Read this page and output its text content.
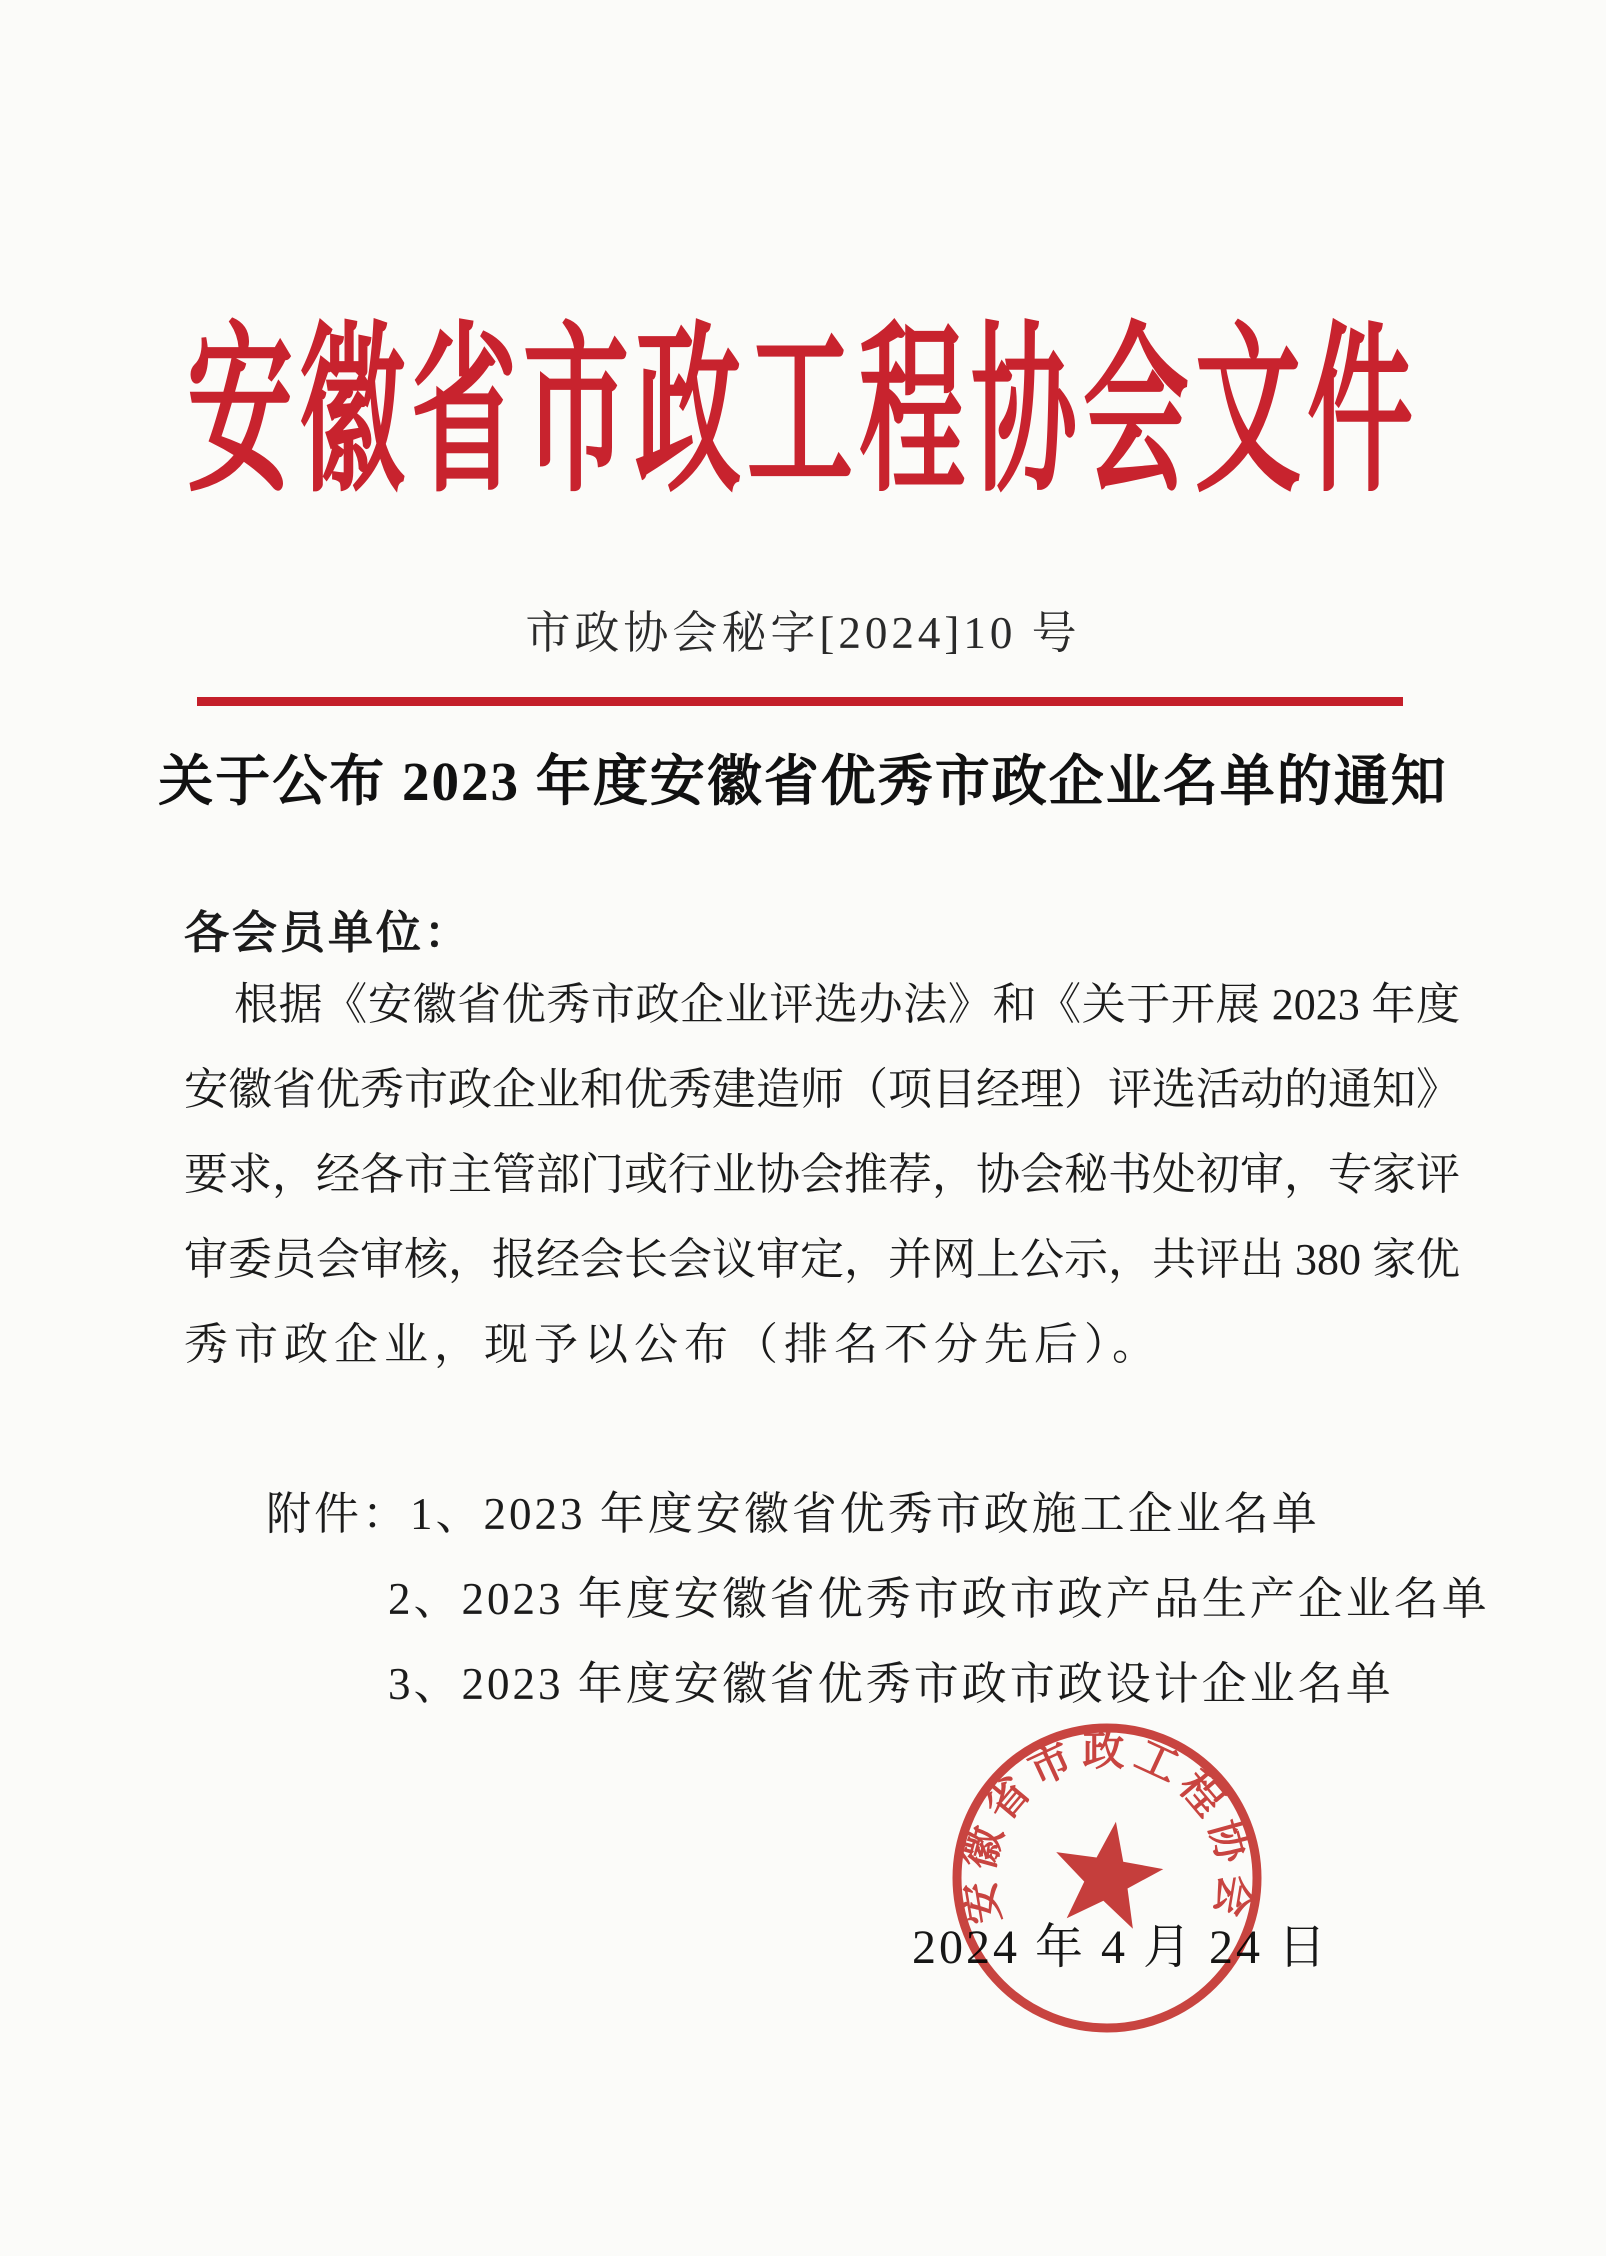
安徽省市政工程协会文件
市政协会秘字[2024]10 号
关于公布 2023 年度安徽省优秀市政企业名单的通知
各会员单位：
根据《安徽省优秀市政企业评选办法》和《关于开展 2023 年度
安徽省优秀市政企业和优秀建造师（项目经理）评选活动的通知》
要求，经各市主管部门或行业协会推荐，协会秘书处初审，专家评
审委员会审核，报经会长会议审定，并网上公示，共评出 380 家优
秀市政企业，现予以公布（排名不分先后）。
附件：1、2023 年度安徽省优秀市政施工企业名单
2、2023 年度安徽省优秀市政市政产品生产企业名单
3、2023 年度安徽省优秀市政市政设计企业名单
2024 年 4 月 24 日
安徽省市政工程协会
